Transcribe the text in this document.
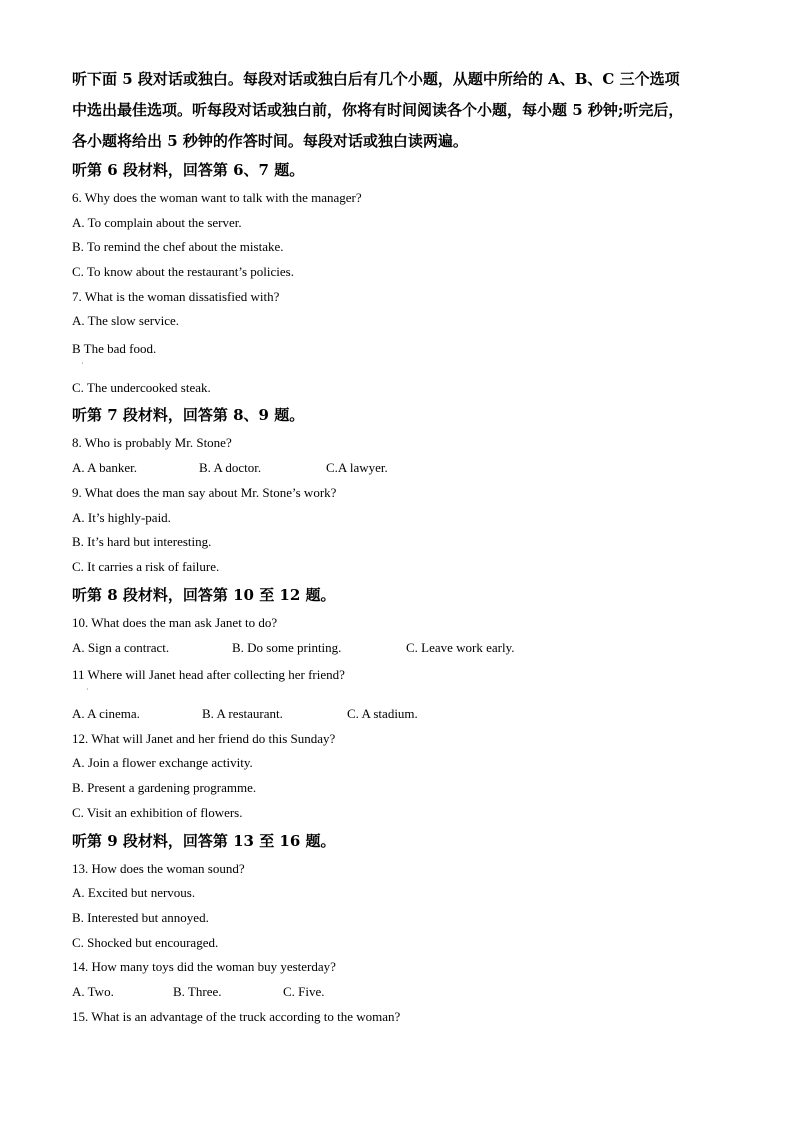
听下面 5 段对话或独白。每段对话或独白后有几个小题，从题中所给的 A、B、C 三个选项
中选出最佳选项。听每段对话或独白前，你将有时间阅读各个小题，每小题 5 秒钟;听完后，
各小题将给出 5 秒钟的作答时间。每段对话或独白读两遍。
听第 6 段材料，回答第 6、7 题。
6. Why does the woman want to talk with the manager?
A. To complain about the server.
B. To remind the chef about the mistake.
C. To know about the restaurant’s policies.
7. What is the woman dissatisfied with?
A. The slow service.
B The bad food.
·
C. The undercooked steak.
听第 7 段材料，回答第 8、9 题。
8. Who is probably Mr. Stone?
A. A banker.	B. A doctor.	C.A lawyer.
9. What does the man say about Mr. Stone’s work?
A. It’s highly-paid.
B. It’s hard but interesting.
C. It carries a risk of failure.
听第 8 段材料，回答第 10 至 12 题。
10. What does the man ask Janet to do?
A. Sign a contract.	B. Do some printing.	C. Leave work early.
11 Where will Janet head after collecting her friend?
·
A. A cinema.	B. A restaurant.	C. A stadium.
12. What will Janet and her friend do this Sunday?
A. Join a flower exchange activity.
B. Present a gardening programme.
C. Visit an exhibition of flowers.
听第 9 段材料，回答第 13 至 16 题。
13. How does the woman sound?
A. Excited but nervous.
B. Interested but annoyed.
C. Shocked but encouraged.
14. How many toys did the woman buy yesterday?
A. Two.	B. Three.	C. Five.
15. What is an advantage of the truck according to the woman?
